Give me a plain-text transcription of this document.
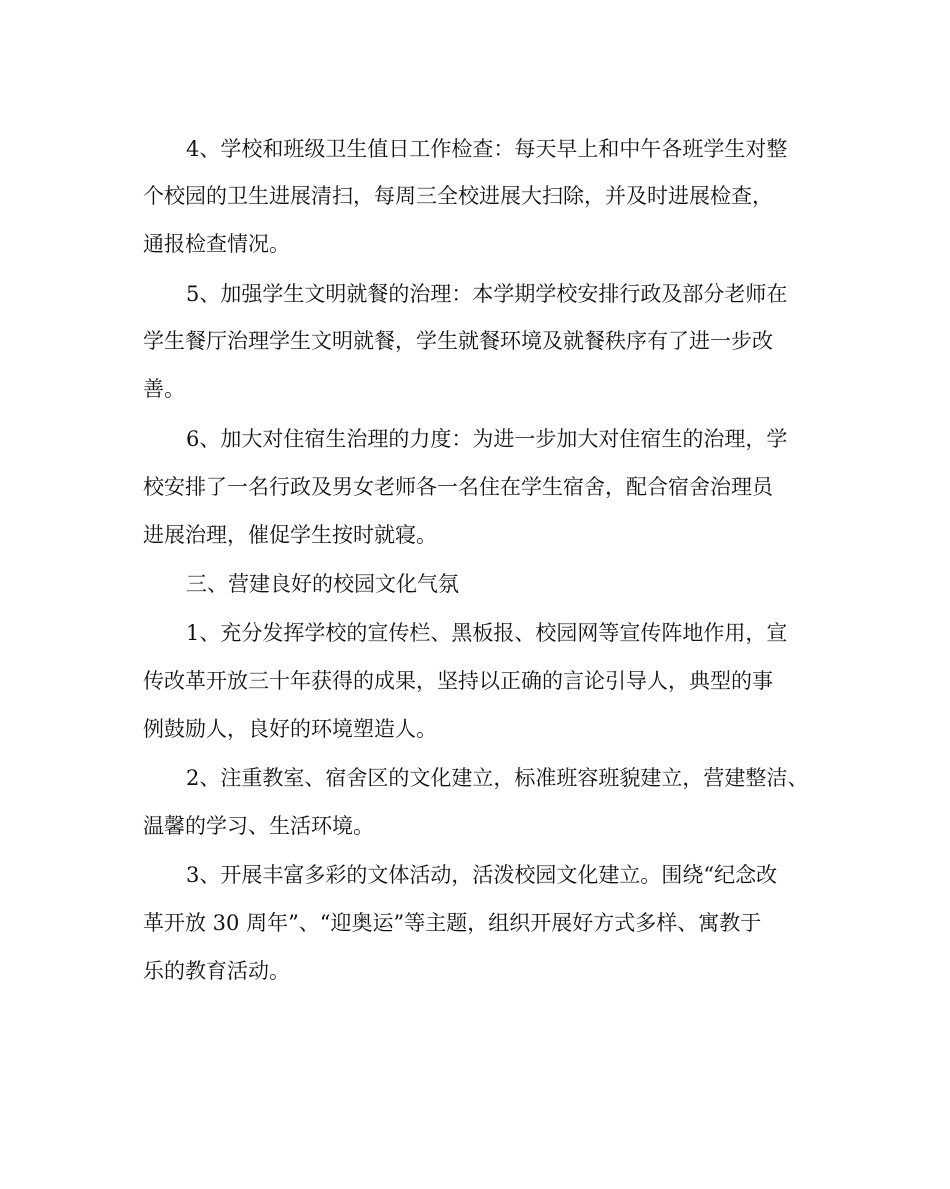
4、学校和班级卫生值日工作检查：每天早上和中午各班学生对整
个校园的卫生进展清扫，每周三全校进展大扫除，并及时进展检查，
通报检查情况。
5、加强学生文明就餐的治理：本学期学校安排行政及部分老师在
学生餐厅治理学生文明就餐，学生就餐环境及就餐秩序有了进一步改
善。
6、加大对住宿生治理的力度：为进一步加大对住宿生的治理，学
校安排了一名行政及男女老师各一名住在学生宿舍，配合宿舍治理员
进展治理，催促学生按时就寝。
三、营建良好的校园文化气氛
1、充分发挥学校的宣传栏、黑板报、校园网等宣传阵地作用，宣
传改革开放三十年获得的成果，坚持以正确的言论引导人，典型的事
例鼓励人，良好的环境塑造人。
2、注重教室、宿舍区的文化建立，标准班容班貌建立，营建整洁、
温馨的学习、生活环境。
3、开展丰富多彩的文体活动，活泼校园文化建立。围绕“纪念改
革开放 30 周年”、“迎奥运”等主题，组织开展好方式多样、寓教于
乐的教育活动。
